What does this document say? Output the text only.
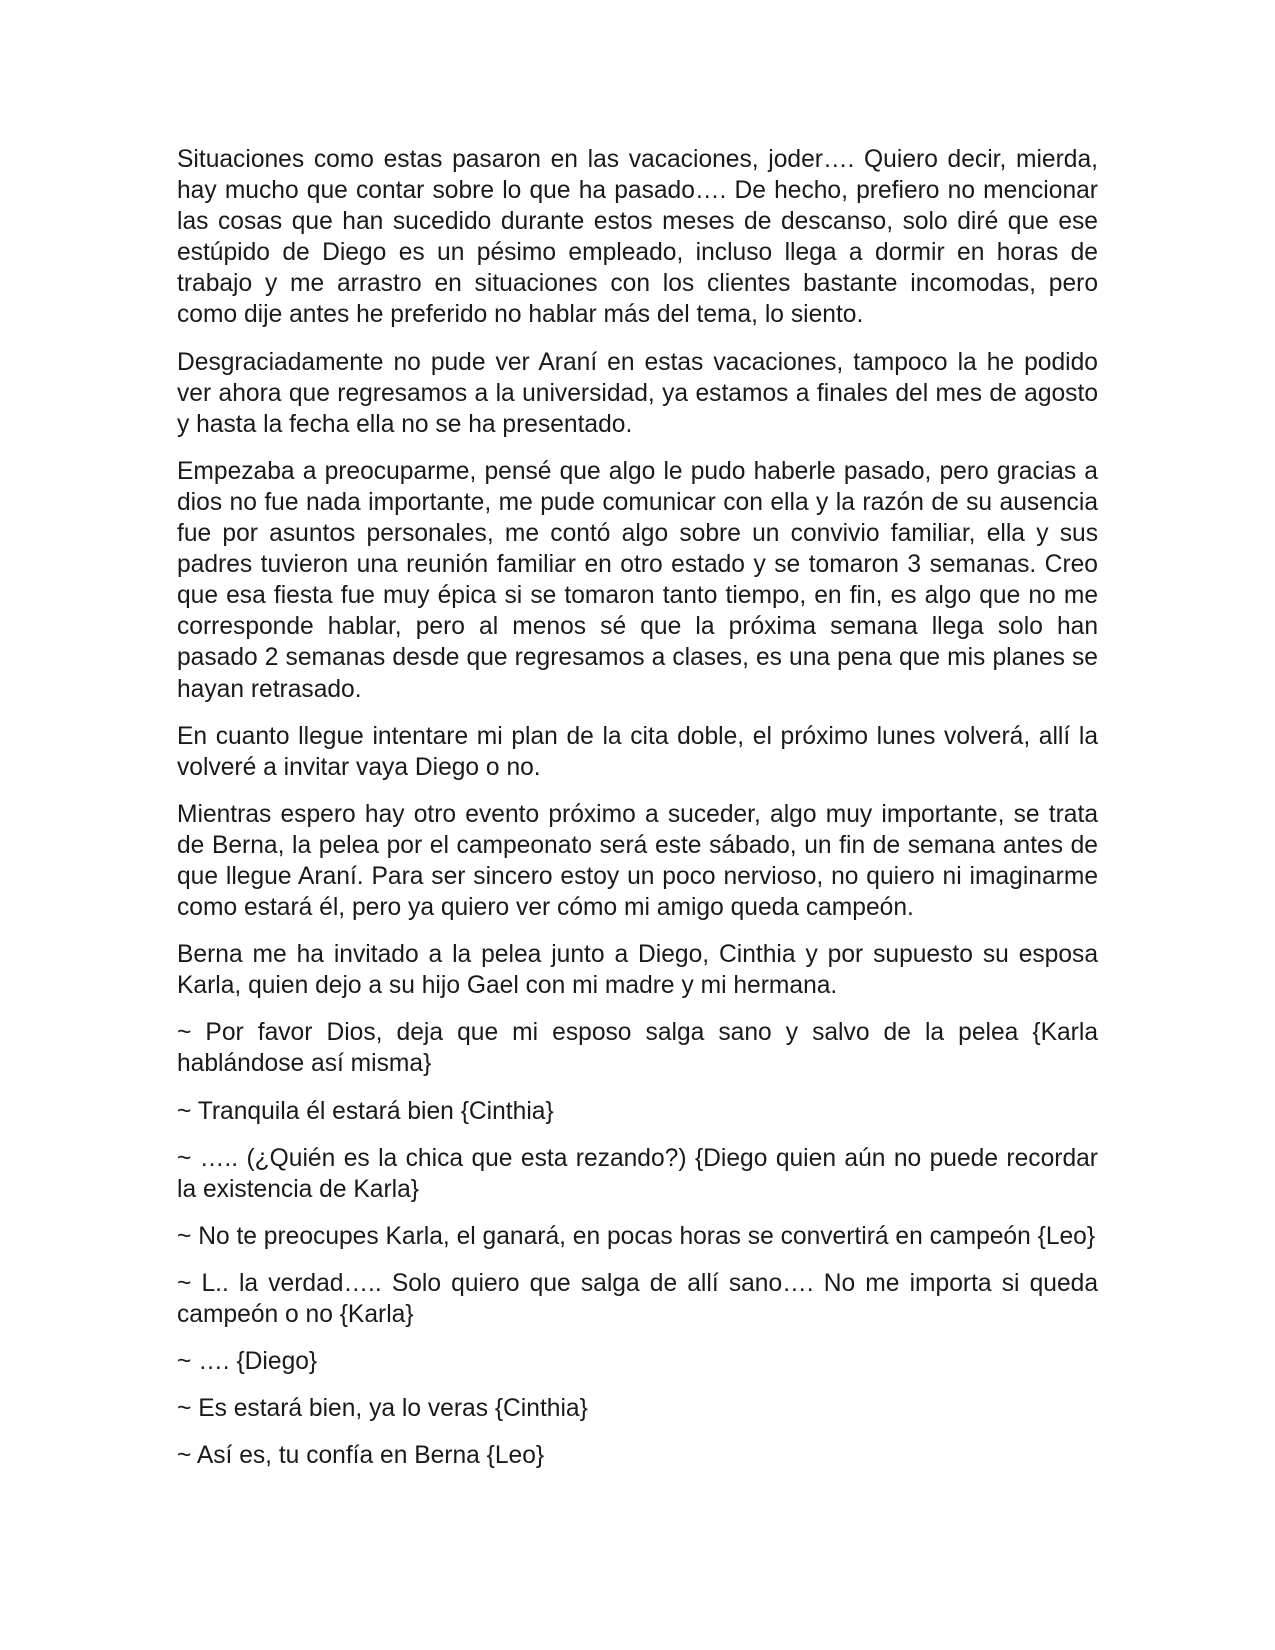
Situaciones como estas pasaron en las vacaciones, joder…. Quiero decir, mierda, hay mucho que contar sobre lo que ha pasado…. De hecho, prefiero no mencionar las cosas que han sucedido durante estos meses de descanso, solo diré que ese estúpido de Diego es un pésimo empleado, incluso llega a dormir en horas de trabajo y me arrastro en situaciones con los clientes bastante incomodas, pero como dije antes he preferido no hablar más del tema, lo siento.

Desgraciadamente no pude ver Araní en estas vacaciones, tampoco la he podido ver ahora que regresamos a la universidad, ya estamos a finales del mes de agosto y hasta la fecha ella no se ha presentado.

Empezaba a preocuparme, pensé que algo le pudo haberle pasado, pero gracias a dios no fue nada importante, me pude comunicar con ella y la razón de su ausencia fue por asuntos personales, me contó algo sobre un convivio familiar, ella y sus padres tuvieron una reunión familiar en otro estado y se tomaron 3 semanas. Creo que esa fiesta fue muy épica si se tomaron tanto tiempo, en fin, es algo que no me corresponde hablar, pero al menos sé que la próxima semana llega solo han pasado 2 semanas desde que regresamos a clases, es una pena que mis planes se hayan retrasado.

En cuanto llegue intentare mi plan de la cita doble, el próximo lunes volverá, allí la volveré a invitar vaya Diego o no.

Mientras espero hay otro evento próximo a suceder, algo muy importante, se trata de Berna, la pelea por el campeonato será este sábado, un fin de semana antes de que llegue Araní. Para ser sincero estoy un poco nervioso, no quiero ni imaginarme como estará él, pero ya quiero ver cómo mi amigo queda campeón.

Berna me ha invitado a la pelea junto a Diego, Cinthia y por supuesto su esposa Karla, quien dejo a su hijo Gael con mi madre y mi hermana.

~ Por favor Dios, deja que mi esposo salga sano y salvo de la pelea {Karla hablándose así misma}

~ Tranquila él estará bien {Cinthia}

~ ….. (¿Quién es la chica que esta rezando?) {Diego quien aún no puede recordar la existencia de Karla}

~ No te preocupes Karla, el ganará, en pocas horas se convertirá en campeón {Leo}

~ L.. la verdad….. Solo quiero que salga de allí sano…. No me importa si queda campeón o no {Karla}

~ …. {Diego}

~ Es estará bien, ya lo veras {Cinthia}

~ Así es, tu confía en Berna {Leo}
